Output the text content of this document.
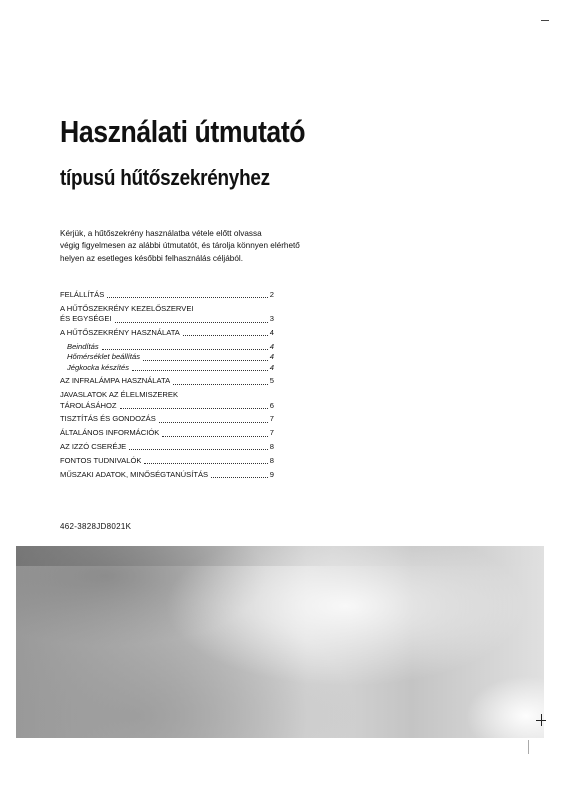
Használati útmutató
típusú hűtőszekrényhez

Kérjük, a hűtőszekrény használatba vétele előtt olvassa
végig figyelmesen az alábbi útmutatót, és tárolja könnyen elérhető
helyen az esetleges későbbi felhasználás céljából.

FELÁLLÍTÁS	2
A HŰTŐSZEKRÉNY KEZELŐSZERVEI
ÉS EGYSÉGEI	3
A HŰTŐSZEKRÉNY HASZNÁLATA	4
Beindítás	4
Hőmérséklet beállítás	4
Jégkocka készítés	4
AZ INFRALÁMPA HASZNÁLATA	5
JAVASLATOK AZ ÉLELMISZEREK
TÁROLÁSÁHOZ	6
TISZTÍTÁS ÉS GONDOZÁS	7
ÁLTALÁNOS INFORMÁCIÓK	7
AZ IZZÓ CSERÉJE	8
FONTOS TUDNIVALÓK	8
MŰSZAKI ADATOK, MINŐSÉGTANÚSÍTÁS	9

462-3828JD8021K
